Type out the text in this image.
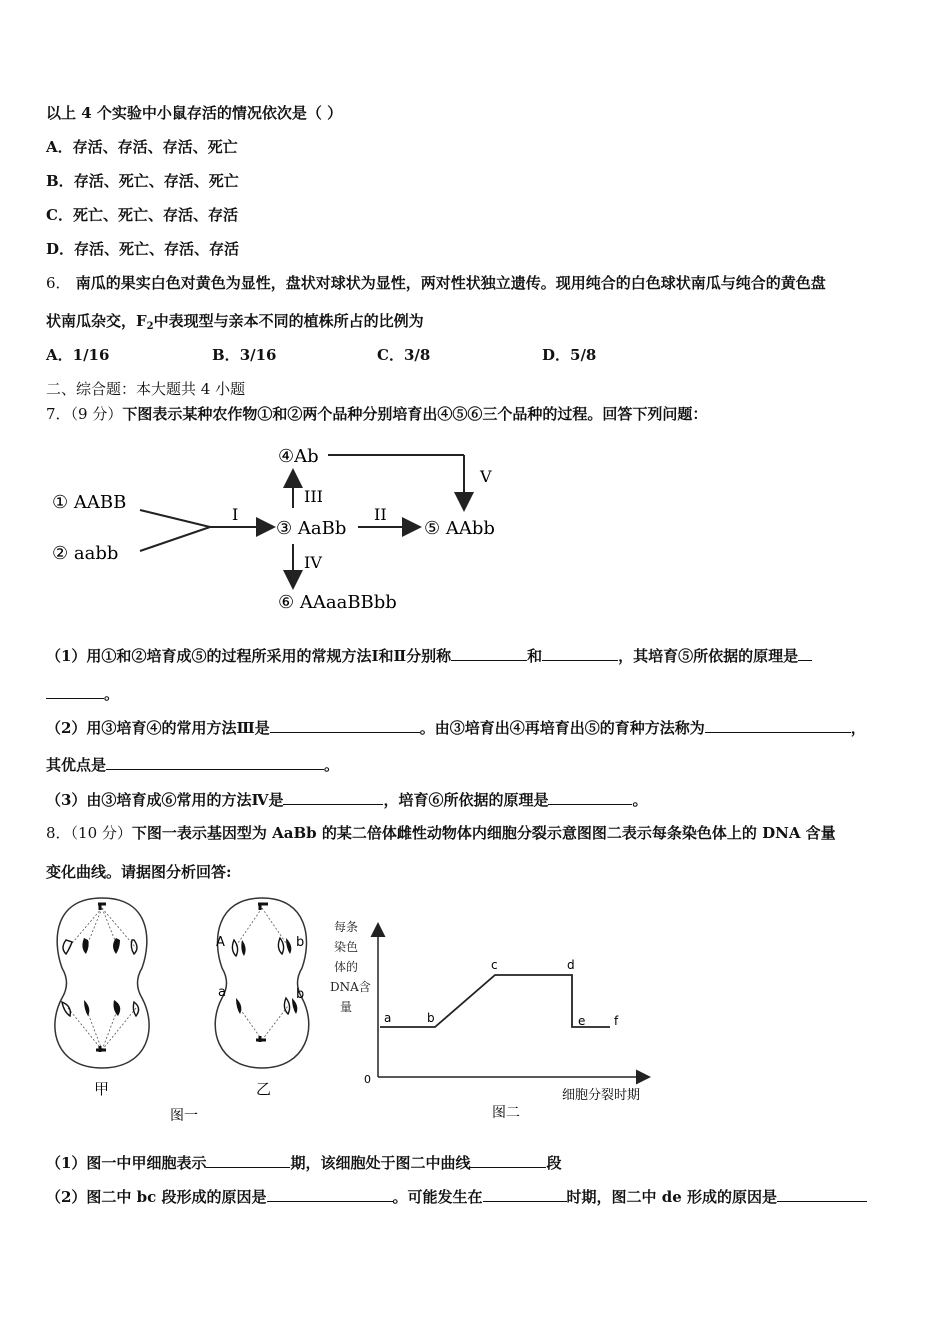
以上 4 个实验中小鼠存活的情况依次是（ ）
A．存活、存活、存活、死亡
B．存活、死亡、存活、死亡
C．死亡、死亡、存活、存活
D．存活、死亡、存活、存活
6． 南瓜的果实白色对黄色为显性，盘状对球状为显性，两对性状独立遗传。现用纯合的白色球状南瓜与纯合的黄色盘
状南瓜杂交，$F_2$中表现型与亲本不同的植株所占的比例为
A．1/16	B．3/16	C．3/8	D．5/8
二、综合题：本大题共 4 小题
7．（9 分）下图表示某种农作物①和②两个品种分别培育出④⑤⑥三个品种的过程。回答下列问题：
① AABB
② aabb
I
③ AaBb
II
⑤ AAbb
III
④Ab
V
IV
⑥ AAaaBBbb
（1）用①和②培育成⑤的过程所采用的常规方法Ⅰ和Ⅱ分别称	和	，其培育⑤所依据的原理是
。
（2）用③培育④的常用方法Ⅲ是	。由③培育出④再培育出⑤的育种方法称为	，
其优点是	。
（3）由③培育成⑥常用的方法Ⅳ是	，培育⑥所依据的原理是	。
8．（10 分）下图一表示基因型为 AaBb 的某二倍体雌性动物体内细胞分裂示意图图二表示每条染色体上的 DNA 含量
变化曲线。请据图分析回答:
甲
A	b
a	b
乙
图一
每条
染色
体的
DNA含
量
0
a	b
c	d
e f
细胞分裂时期
图二
（1）图一中甲细胞表示	期，该细胞处于图二中曲线	段
（2）图二中 bc 段形成的原因是	。可能发生在	时期，图二中 de 形成的原因是
